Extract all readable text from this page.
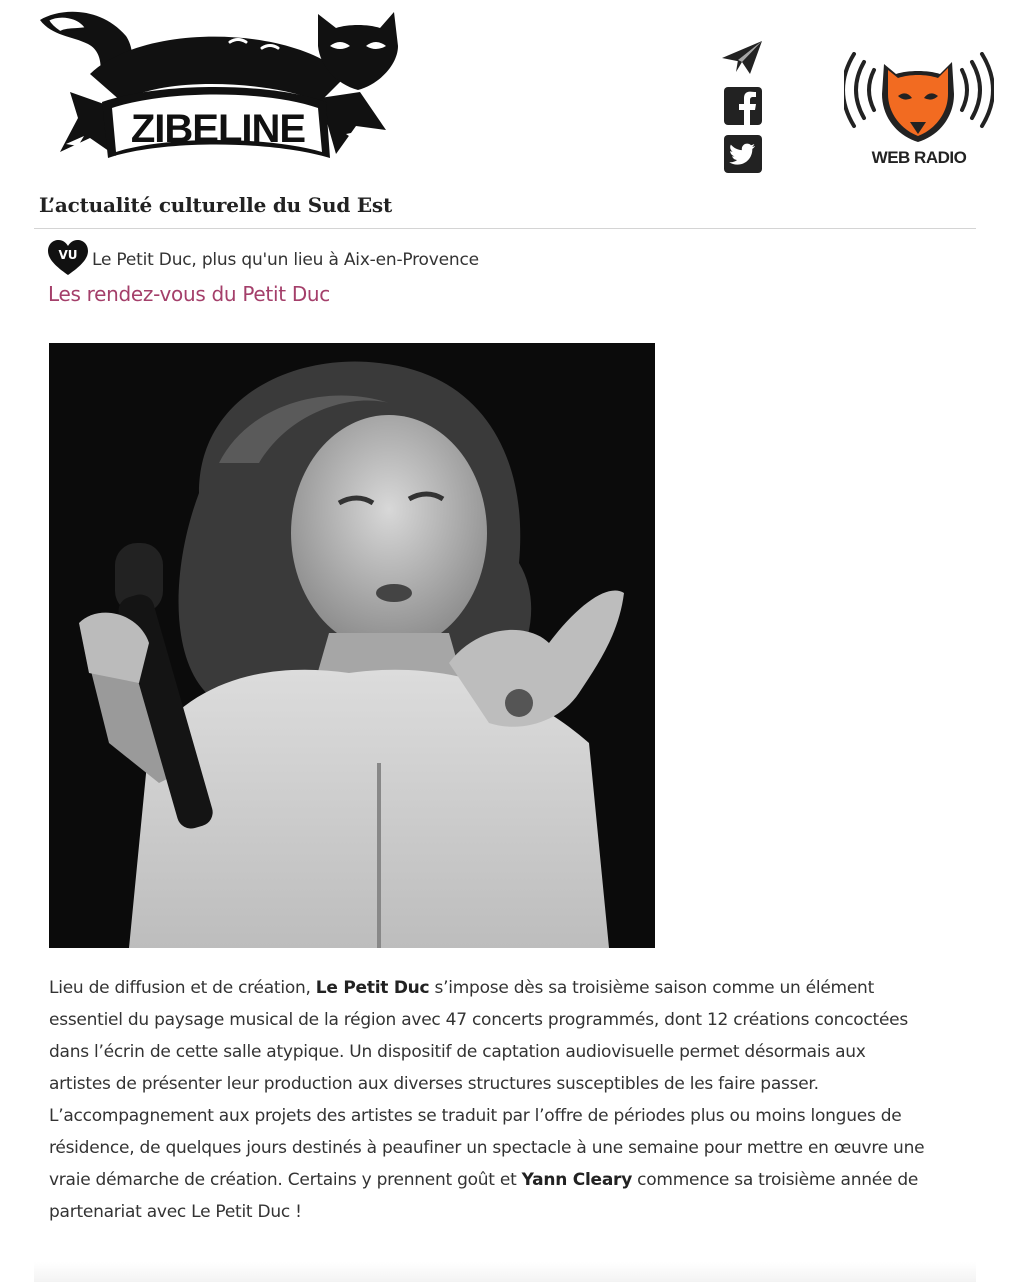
ZIBELINE
L’actualité culturelle du Sud Est
WEB RADIO
VU Le Petit Duc, plus qu'un lieu à Aix-en-Provence
Les rendez-vous du Petit Duc

Lieu de diffusion et de création, Le Petit Duc s’impose dès sa troisième saison comme un élément essentiel du paysage musical de la région avec 47 concerts programmés, dont 12 créations concoctées dans l’écrin de cette salle atypique. Un dispositif de captation audiovisuelle permet désormais aux artistes de présenter leur production aux diverses structures susceptibles de les faire passer. L’accompagnement aux projets des artistes se traduit par l’offre de périodes plus ou moins longues de résidence, de quelques jours destinés à peaufiner un spectacle à une semaine pour mettre en œuvre une vraie démarche de création. Certains y prennent goût et Yann Cleary commence sa troisième année de partenariat avec Le Petit Duc !
